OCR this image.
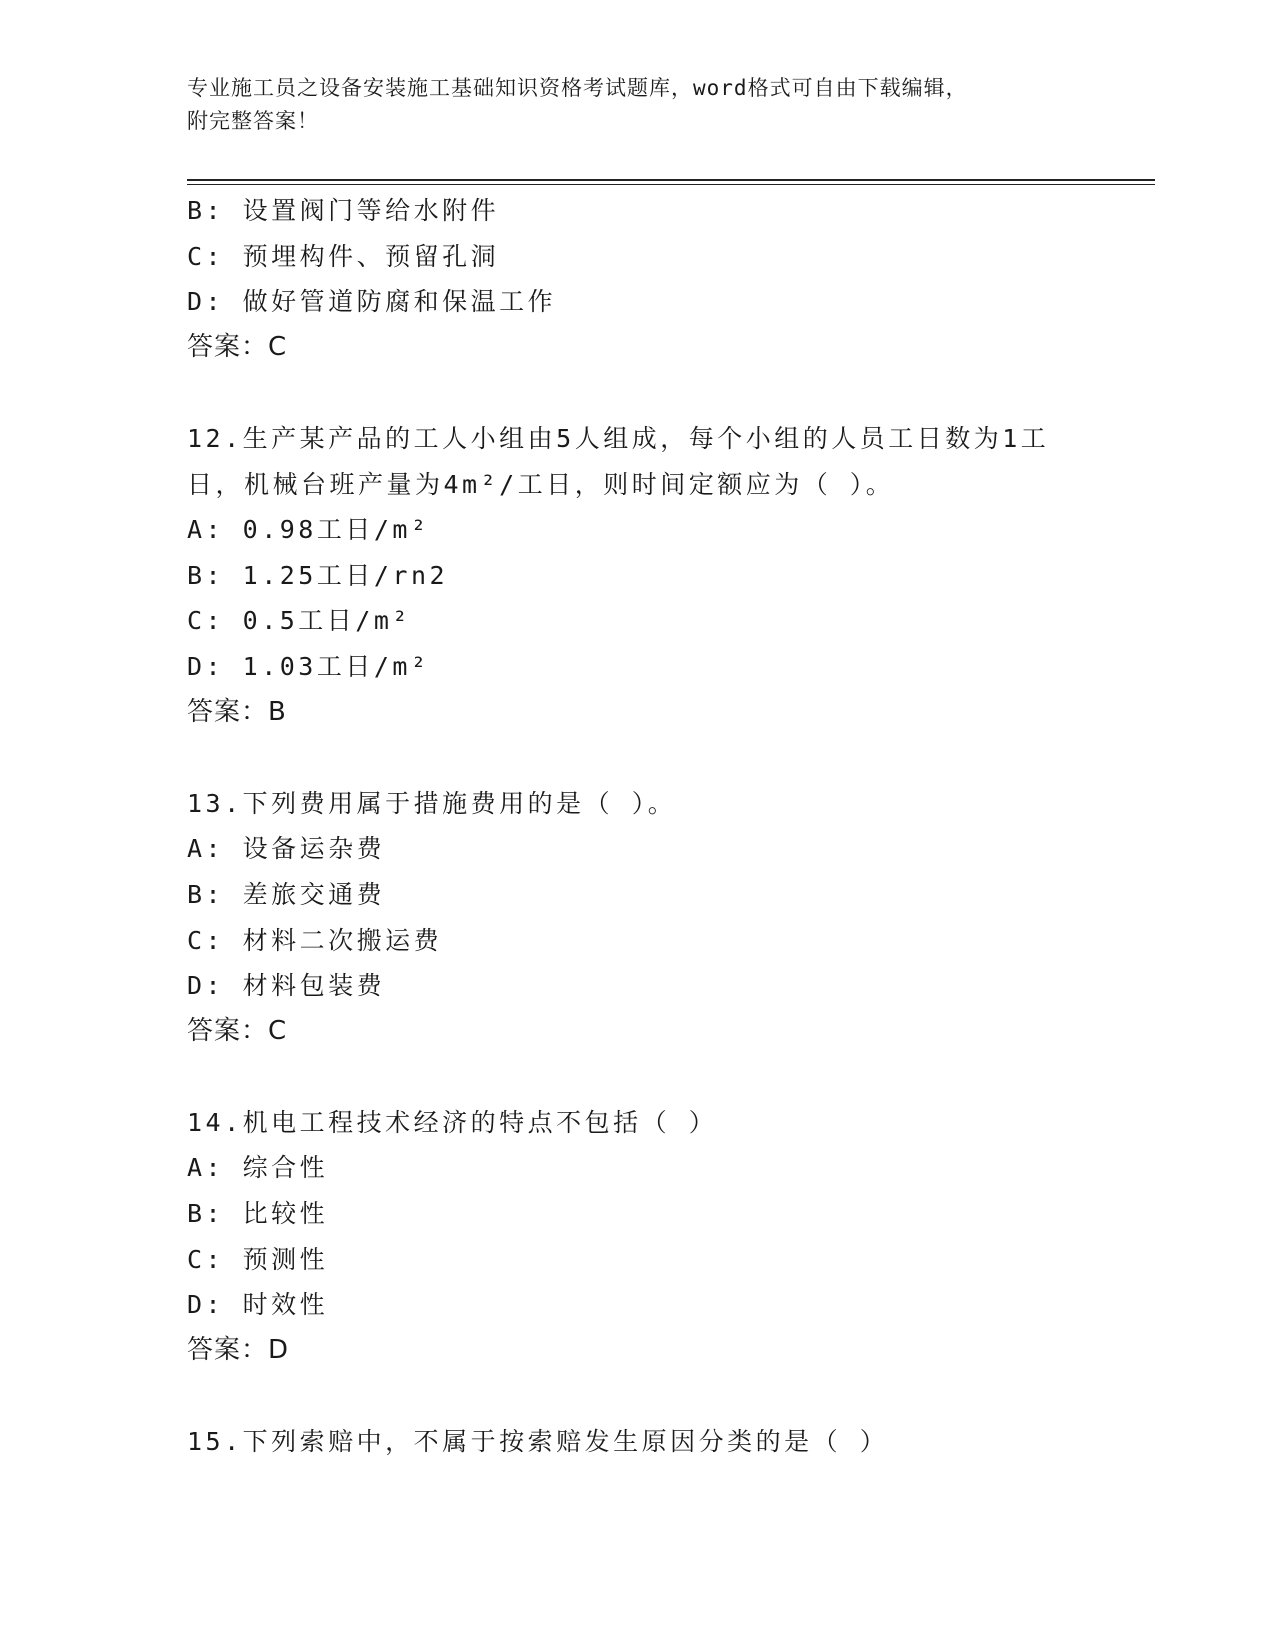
专业施工员之设备安装施工基础知识资格考试题库，word格式可自由下载编辑，
附完整答案！
B: 设置阀门等给水附件
C: 预埋构件、预留孔洞
D: 做好管道防腐和保温工作
答案：C
12.生产某产品的工人小组由5人组成，每个小组的人员工日数为1工
日，机械台班产量为4m²/工日，则时间定额应为（ ）。
A: 0.98工日/m²
B: 1.25工日/rn2
C: 0.5工日/m²
D: 1.03工日/m²
答案：B
13.下列费用属于措施费用的是（ ）。
A: 设备运杂费
B: 差旅交通费
C: 材料二次搬运费
D: 材料包装费
答案：C
14.机电工程技术经济的特点不包括（ ）
A: 综合性
B: 比较性
C: 预测性
D: 时效性
答案：D
15.下列索赔中，不属于按索赔发生原因分类的是（ ）
